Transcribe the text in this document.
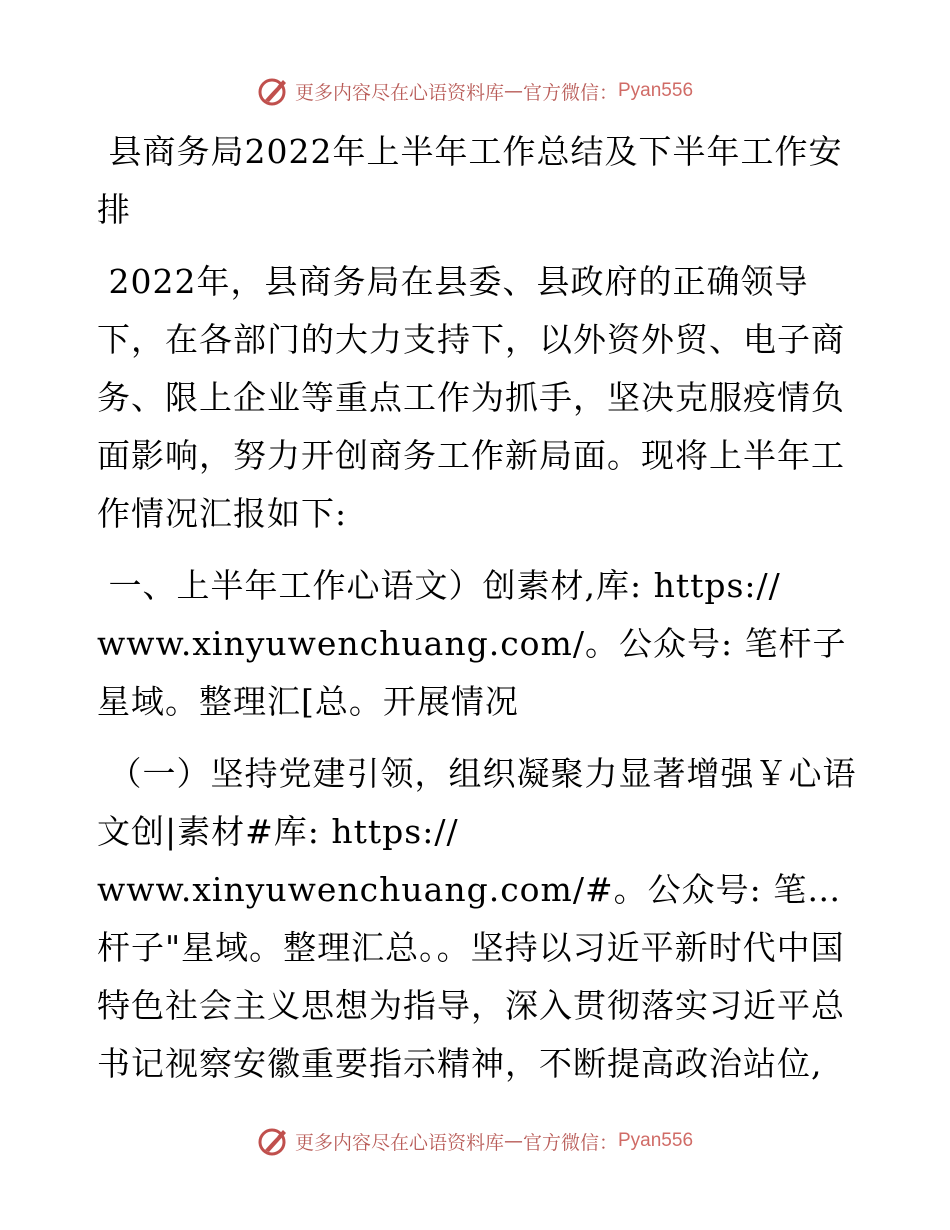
更多内容尽在心语资料库 — 官方微信： Pyan556

县商务局2022年上半年工作总结及下半年工作安排

2022年，县商务局在县委、县政府的正确领导下，在各部门的大力支持下，以外资外贸、电子商务、限上企业等重点工作为抓手，坚决克服疫情负面影响，努力开创商务工作新局面。现将上半年工作情况汇报如下:

一、上半年工作心语文）创素材,库: https://
www.xinyuwenchuang.com/。公众号: 笔杆子星域。整理汇[总。开展情况

（一）坚持党建引领，组织凝聚力显著增强￥心语文创|素材#库: https://
www.xinyuwenchuang.com/#。公众号: 笔…杆子"星域。整理汇总。。坚持以习近平新时代中国特色社会主义思想为指导，深入贯彻落实习近平总书记视察安徽重要指示精神，不断提高政治站位,

更多内容尽在心语资料库 — 官方微信： Pyan556
